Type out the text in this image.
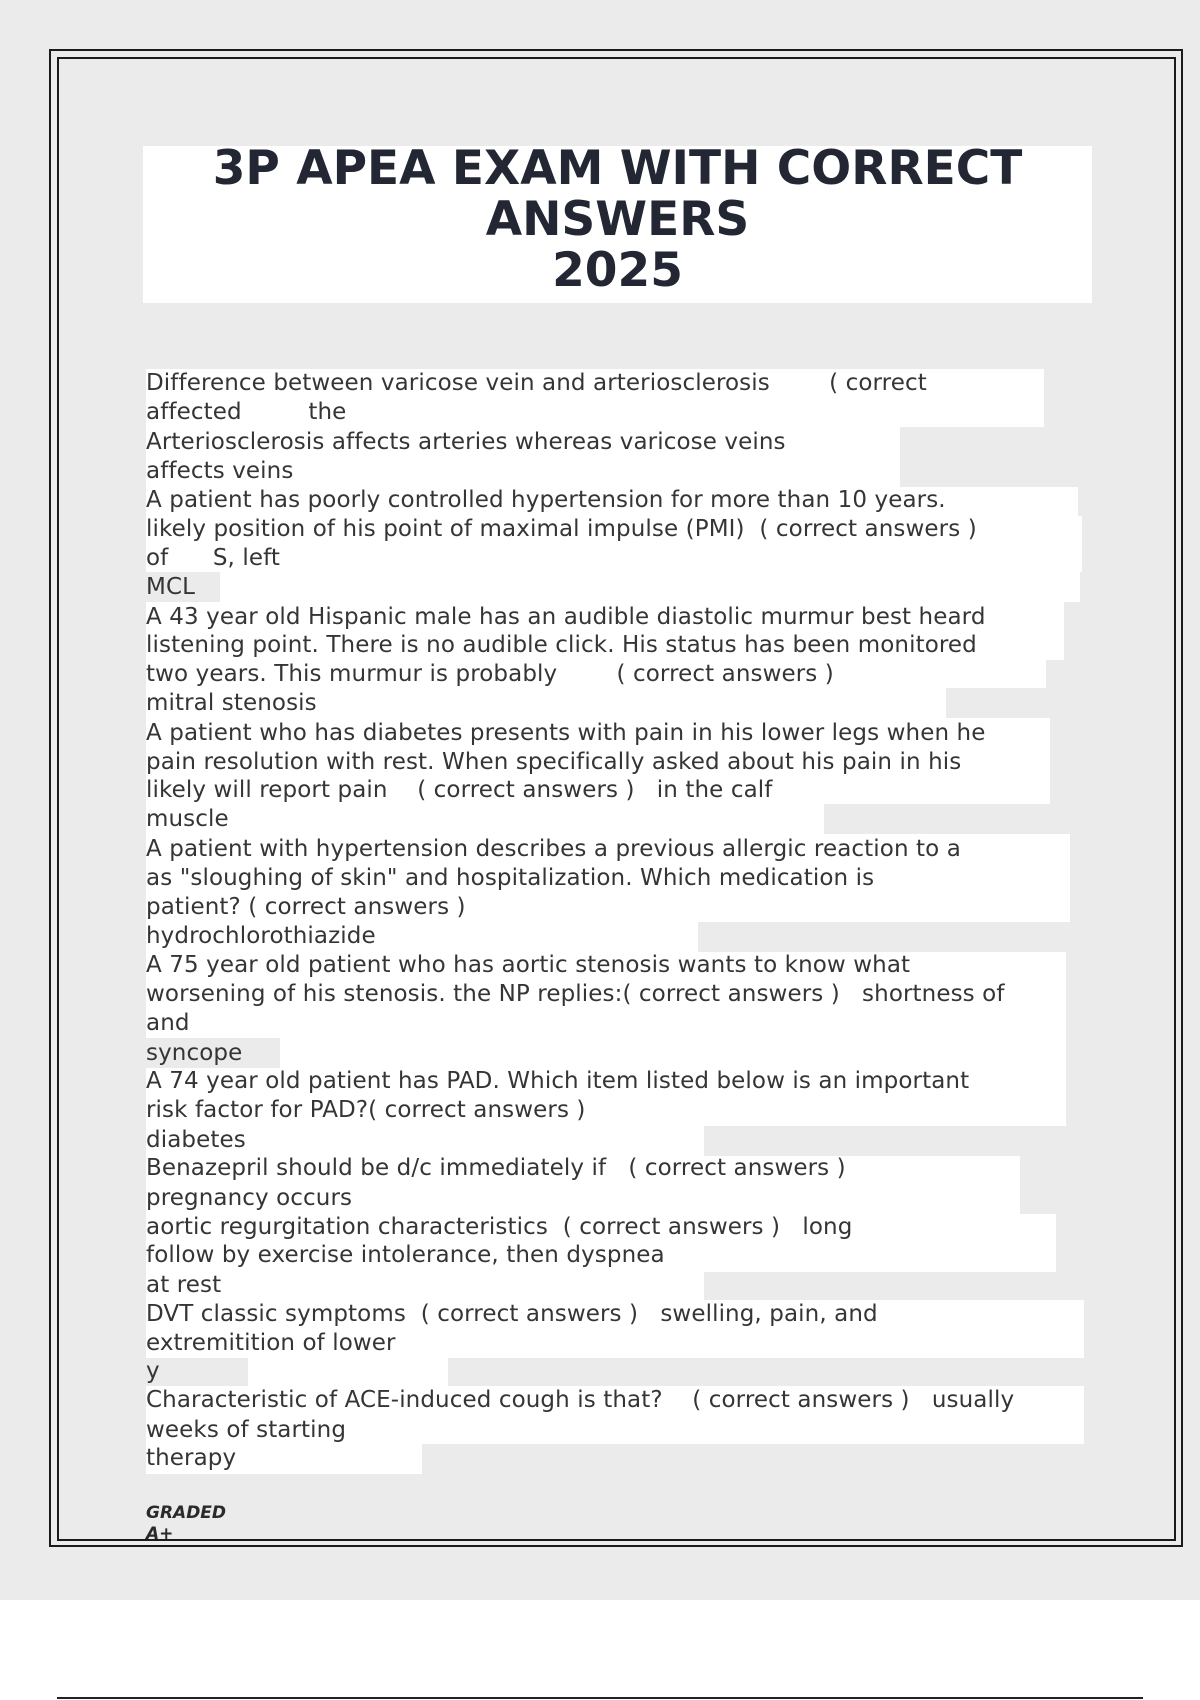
3P APEA EXAM WITH CORRECT
ANSWERS
2025
Difference between varicose vein and arteriosclerosis        ( correct
affected         the
Arteriosclerosis affects arteries whereas varicose veins
affects veins
A patient has poorly controlled hypertension for more than 10 years.
likely position of his point of maximal impulse (PMI)  ( correct answers )
of      S, left
MCL
A 43 year old Hispanic male has an audible diastolic murmur best heard
listening point. There is no audible click. His status has been monitored
two years. This murmur is probably        ( correct answers )
mitral stenosis
A patient who has diabetes presents with pain in his lower legs when he
pain resolution with rest. When specifically asked about his pain in his
likely will report pain    ( correct answers )   in the calf
muscle
A patient with hypertension describes a previous allergic reaction to a
as "sloughing of skin" and hospitalization. Which medication is
patient? ( correct answers )
hydrochlorothiazide
A 75 year old patient who has aortic stenosis wants to know what
worsening of his stenosis. the NP replies:( correct answers )   shortness of
and
syncope
A 74 year old patient has PAD. Which item listed below is an important
risk factor for PAD?( correct answers )
diabetes
Benazepril should be d/c immediately if   ( correct answers )
pregnancy occurs
aortic regurgitation characteristics  ( correct answers )   long
follow by exercise intolerance, then dyspnea
at rest
DVT classic symptoms  ( correct answers )   swelling, pain, and
extremitition of lower
y
Characteristic of ACE-induced cough is that?    ( correct answers )   usually
weeks of starting
therapy
GRADED
A+
